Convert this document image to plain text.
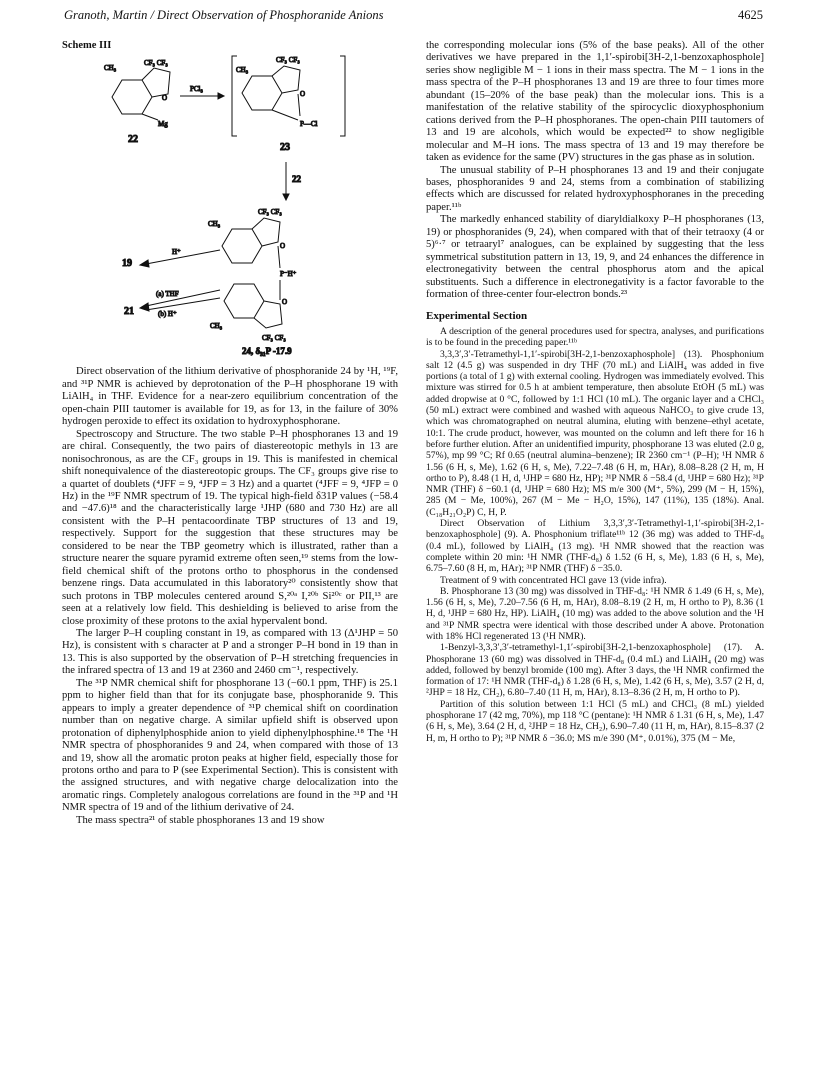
Granoth, Martin / Direct Observation of Phosphoranide Anions	4625
Scheme III
CH₃
CF₃ CF₃
O
Mg
22
PCl₃
CH₃
CF₃ CF₃
O
P—Cl
23
22
CH₃
CF₃ CF₃
O
P⁻H⁺
O
CH₃
CF₃ CF₃
H⁺
19
(a) THF
(b) H⁺
21
24, δ₃₁P -17.9

Direct observation of the lithium derivative of phosphoranide 24 by ¹H, ¹⁹F, and ³¹P NMR is achieved by deprotonation of the P–H phosphorane 19 with LiAlH₄ in THF. Evidence for a near-zero equilibrium concentration of the open-chain PIII tautomer is available for 19, as for 13, in the failure of 30% hydrogen peroxide to effect its oxidation to hydroxyphosphorane.

Spectroscopy and Structure. The two stable P–H phosphoranes 13 and 19 are chiral. Consequently, the two pairs of diastereotopic methyls in 13 are nonisochronous, as are the CF₃ groups in 19. This is manifested in chemical shift nonequivalence of the diastereotopic groups. The CF₃ groups give rise to a quartet of doublets (⁴JFF = 9, ⁴JFP = 3 Hz) and a quartet (⁴JFF = 9, ⁴JFP = 0 Hz) in the ¹⁹F NMR spectrum of 19. The typical high-field δ31P values (−58.4 and −47.6)¹⁸ and the characteristically large ¹JHP (680 and 730 Hz) are all consistent with the P–H pentacoordinate TBP structures of 13 and 19, respectively. Support for the suggestion that these structures may be considered to be near the TBP geometry which is illustrated, rather than a structure nearer the square pyramid extreme often seen,¹⁹ stems from the low-field chemical shift of the protons ortho to phosphorus in the condensed benzene rings. Data accumulated in this laboratory²⁰ consistently show that such protons in TBP molecules centered around S,²⁰ᵃ I,²⁰ᵇ Si²⁰ᶜ or PII,¹³ are seen at a relatively low field. This deshielding is believed to arise from the close proximity of these protons to the axial hypervalent bond.

The larger P–H coupling constant in 19, as compared with 13 (Δ¹JHP = 50 Hz), is consistent with s character at P and a stronger P–H bond in 19 than in 13. This is also supported by the observation of P–H stretching frequencies in the infrared spectra of 13 and 19 at 2360 and 2460 cm⁻¹, respectively.

The ³¹P NMR chemical shift for phosphorane 13 (−60.1 ppm, THF) is 25.1 ppm to higher field than that for its conjugate base, phosphoranide 9. This appears to imply a greater dependence of ³¹P chemical shift on coordination number than on negative charge. A similar upfield shift is observed upon protonation of diphenylphosphide anion to yield diphenylphosphine.¹⁸ The ¹H NMR spectra of phosphoranides 9 and 24, when compared with those of 13 and 19, show all the aromatic proton peaks at higher field, especially those for protons ortho and para to P (see Experimental Section). This is consistent with the assigned structures, and with negative charge delocalization into the aromatic rings. Completely analogous correlations are found in the ³¹P and ¹H NMR spectra of 19 and of the lithium derivative of 24.

The mass spectra²¹ of stable phosphoranes 13 and 19 show

the corresponding molecular ions (5% of the base peaks). All of the other derivatives we have prepared in the 1,1′-spirobi[3H-2,1-benzoxaphosphole] series show negligible M − 1 ions in their mass spectra. The M − 1 ions in the mass spectra of the P–H phosphoranes 13 and 19 are three to four times more abundant (15–20% of the base peak) than the molecular ions. This is a manifestation of the relative stability of the spirocyclic dioxyphosphonium cations derived from the P–H phosphoranes. The open-chain PIII tautomers of 13 and 19 are alcohols, which would be expected²² to show negligible molecular and M–H ions. The mass spectra of 13 and 19 may therefore be taken as evidence for the same (PV) structures in the gas phase as in solution.

The unusual stability of P–H phosphoranes 13 and 19 and their conjugate bases, phosphoranides 9 and 24, stems from a combination of stabilizing effects which are discussed for related hydroxyphosphoranes in the preceding paper.¹¹ᵇ

The markedly enhanced stability of diaryldialkoxy P–H phosphoranes (13, 19) or phosphoranides (9, 24), when compared with that of their tetraoxy (4 or 5)⁶·⁷ or tetraaryl⁷ analogues, can be explained by suggesting that the less symmetrical substitution pattern in 13, 19, 9, and 24 enhances the difference in electronegativity between the central phosphorus atom and the apical substituents. Such a difference in electronegativity is a factor favorable to the formation of three-center four-electron bonds.²³

Experimental Section

A description of the general procedures used for spectra, analyses, and purifications is to be found in the preceding paper.¹¹ᵇ

3,3,3′,3′-Tetramethyl-1,1′-spirobi[3H-2,1-benzoxaphosphole] (13). Phosphonium salt 12 (4.5 g) was suspended in dry THF (70 mL) and LiAlH₄ was added in five portions (a total of 1 g) with external cooling. Hydrogen was immediately evolved. This mixture was stirred for 0.5 h at ambient temperature, then absolute EtOH (5 mL) was added dropwise at 0 °C, followed by 1:1 HCl (10 mL). The organic layer and a CHCl₃ (50 mL) extract were combined and washed with aqueous NaHCO₃ to give crude 13, which was chromatographed on neutral alumina, eluting with benzene–ethyl acetate, 10:1. The crude product, however, was mounted on the column and left there for 16 h before further elution. After an unidentified impurity, phosphorane 13 was eluted (2.0 g, 57%), mp 99 °C; Rf 0.65 (neutral alumina–benzene); IR 2360 cm⁻¹ (P–H); ¹H NMR δ 1.56 (6 H, s, Me), 1.62 (6 H, s, Me), 7.22–7.48 (6 H, m, HAr), 8.08–8.28 (2 H, m, H ortho to P), 8.48 (1 H, d, ¹JHP = 680 Hz, HP); ³¹P NMR δ −58.4 (d, ¹JHP = 680 Hz); ³¹P NMR (THF) δ −60.1 (d, ¹JHP = 680 Hz); MS m/e 300 (M⁺, 5%), 299 (M − H, 15%), 285 (M − Me, 100%), 267 (M − Me − H₂O, 15%), 147 (11%), 135 (18%). Anal. (C₁₈H₂₁O₂P) C, H, P.

Direct Observation of Lithium 3,3,3′,3′-Tetramethyl-1,1′-spirobi[3H-2,1-benzoxaphosphole] (9). A. Phosphonium triflate¹¹ᵇ 12 (36 mg) was added to THF-d₈ (0.4 mL), followed by LiAlH₄ (13 mg). ¹H NMR showed that the reaction was complete within 20 min: ¹H NMR (THF-d₈) δ 1.52 (6 H, s, Me), 1.83 (6 H, s, Me), 6.75–7.60 (8 H, m, HAr); ³¹P NMR (THF) δ −35.0.

Treatment of 9 with concentrated HCl gave 13 (vide infra).

B. Phosphorane 13 (30 mg) was dissolved in THF-d₈: ¹H NMR δ 1.49 (6 H, s, Me), 1.56 (6 H, s, Me), 7.20–7.56 (6 H, m, HAr), 8.08–8.19 (2 H, m, H ortho to P), 8.36 (1 H, d, ¹JHP = 680 Hz, HP). LiAlH₄ (10 mg) was added to the above solution and the ¹H and ³¹P NMR spectra were identical with those described under A above. Protonation with 18% HCl regenerated 13 (¹H NMR).

1-Benzyl-3,3,3′,3′-tetramethyl-1,1′-spirobi[3H-2,1-benzoxaphosphole] (17). A. Phosphorane 13 (60 mg) was dissolved in THF-d₈ (0.4 mL) and LiAlH₄ (20 mg) was added, followed by benzyl bromide (100 mg). After 3 days, the ¹H NMR confirmed the formation of 17: ¹H NMR (THF-d₈) δ 1.28 (6 H, s, Me), 1.42 (6 H, s, Me), 3.57 (2 H, d, ²JHP = 18 Hz, CH₂), 6.80–7.40 (11 H, m, HAr), 8.13–8.36 (2 H, m, H ortho to P).

Partition of this solution between 1:1 HCl (5 mL) and CHCl₃ (8 mL) yielded phosphorane 17 (42 mg, 70%), mp 118 °C (pentane): ¹H NMR δ 1.31 (6 H, s, Me), 1.47 (6 H, s, Me), 3.64 (2 H, d, ²JHP = 18 Hz, CH₂), 6.90–7.40 (11 H, m, HAr), 8.15–8.37 (2 H, m, H ortho to P); ³¹P NMR δ −36.0; MS m/e 390 (M⁺, 0.01%), 375 (M − Me,
